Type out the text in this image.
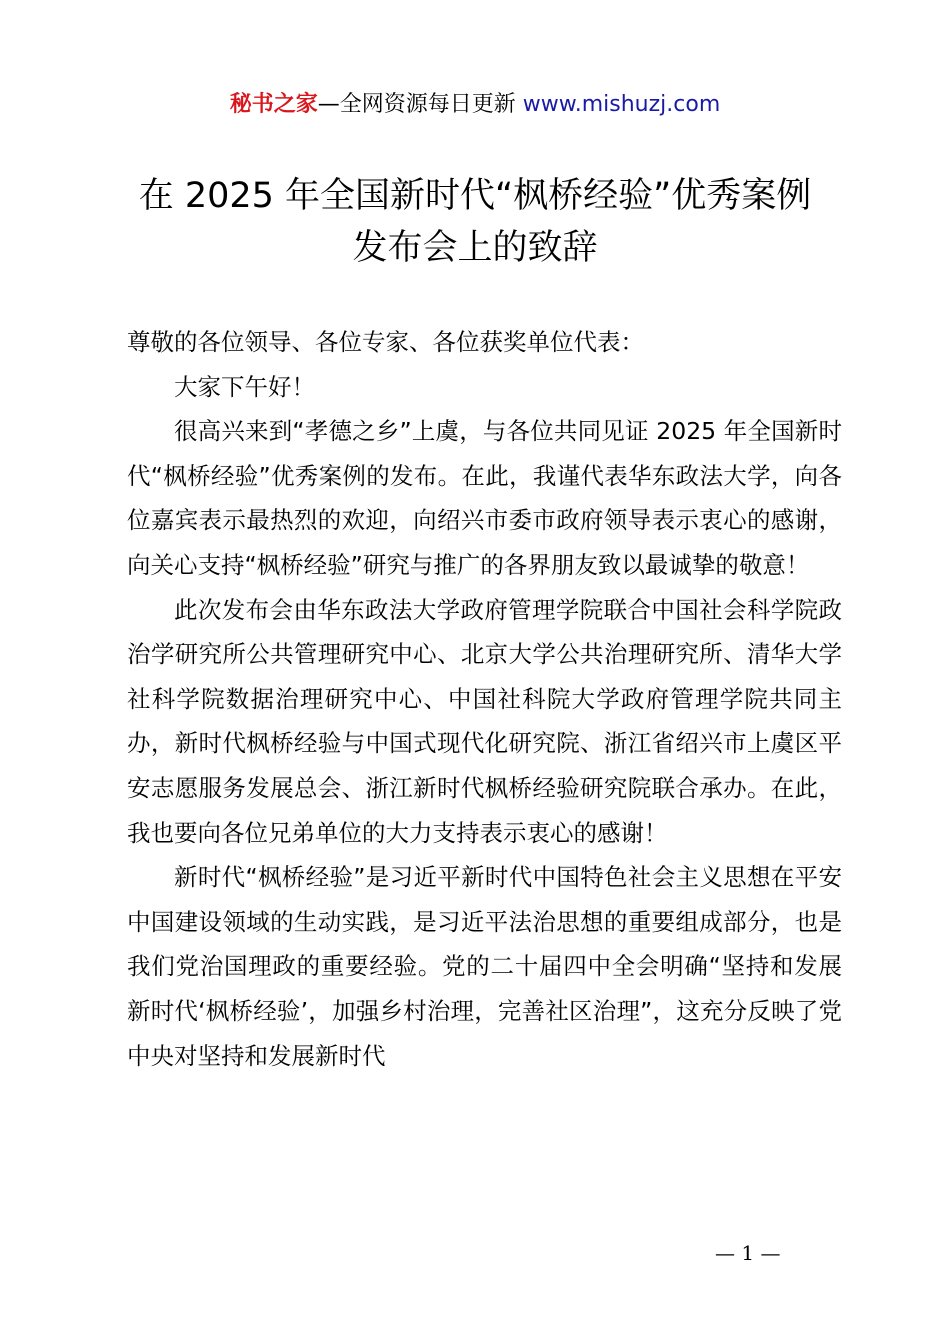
秘书之家—全网资源每日更新 www.mishuzj.com
在 2025 年全国新时代“枫桥经验”优秀案例
发布会上的致辞

尊敬的各位领导、各位专家、各位获奖单位代表：

大家下午好！

很高兴来到“孝德之乡”上虞，与各位共同见证 2025 年全国新时代“枫桥经验”优秀案例的发布。在此，我谨代表华东政法大学，向各位嘉宾表示最热烈的欢迎，向绍兴市委市政府领导表示衷心的感谢，向关心支持“枫桥经验”研究与推广的各界朋友致以最诚挚的敬意！

此次发布会由华东政法大学政府管理学院联合中国社会科学院政治学研究所公共管理研究中心、北京大学公共治理研究所、清华大学社科学院数据治理研究中心、中国社科院大学政府管理学院共同主办，新时代枫桥经验与中国式现代化研究院、浙江省绍兴市上虞区平安志愿服务发展总会、浙江新时代枫桥经验研究院联合承办。在此，我也要向各位兄弟单位的大力支持表示衷心的感谢！

新时代“枫桥经验”是习近平新时代中国特色社会主义思想在平安中国建设领域的生动实践，是习近平法治思想的重要组成部分，也是我们党治国理政的重要经验。党的二十届四中全会明确“坚持和发展新时代‘枫桥经验’，加强乡村治理，完善社区治理”，这充分反映了党中央对坚持和发展新时代

— 1 —
